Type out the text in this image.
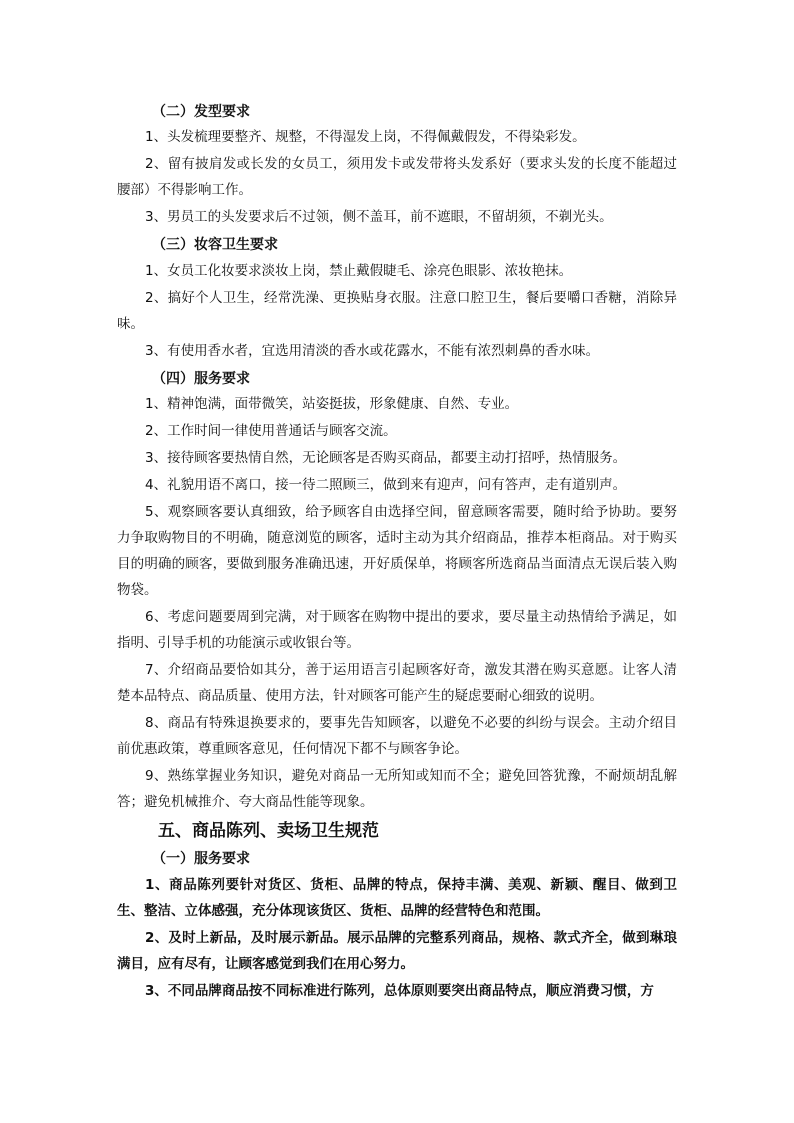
（二）发型要求

1、头发梳理要整齐、规整，不得湿发上岗，不得佩戴假发，不得染彩发。

2、留有披肩发或长发的女员工，须用发卡或发带将头发系好（要求头发的长度不能超过腰部）不得影响工作。

3、男员工的头发要求后不过领，侧不盖耳，前不遮眼，不留胡须，不剃光头。

（三）妆容卫生要求

1、女员工化妆要求淡妆上岗，禁止戴假睫毛、涂亮色眼影、浓妆艳抹。

2、搞好个人卫生，经常洗澡、更换贴身衣服。注意口腔卫生，餐后要嚼口香糖，消除异味。

3、有使用香水者，宜选用清淡的香水或花露水，不能有浓烈刺鼻的香水味。

（四）服务要求

1、精神饱满，面带微笑，站姿挺拔，形象健康、自然、专业。

2、工作时间一律使用普通话与顾客交流。

3、接待顾客要热情自然，无论顾客是否购买商品，都要主动打招呼，热情服务。

4、礼貌用语不离口，接一待二照顾三，做到来有迎声，问有答声，走有道别声。

5、观察顾客要认真细致，给予顾客自由选择空间，留意顾客需要，随时给予协助。要努力争取购物目的不明确，随意浏览的顾客，适时主动为其介绍商品，推荐本柜商品。对于购买目的明确的顾客，要做到服务准确迅速，开好质保单，将顾客所选商品当面清点无误后装入购物袋。

6、考虑问题要周到完满，对于顾客在购物中提出的要求，要尽量主动热情给予满足，如指明、引导手机的功能演示或收银台等。

7、介绍商品要恰如其分，善于运用语言引起顾客好奇，激发其潜在购买意愿。让客人清楚本品特点、商品质量、使用方法，针对顾客可能产生的疑虑要耐心细致的说明。

8、商品有特殊退换要求的，要事先告知顾客，以避免不必要的纠纷与误会。主动介绍目前优惠政策，尊重顾客意见，任何情况下都不与顾客争论。

9、熟练掌握业务知识，避免对商品一无所知或知而不全；避免回答犹豫，不耐烦胡乱解答；避免机械推介、夸大商品性能等现象。

五、商品陈列、卖场卫生规范
（一）服务要求

1、商品陈列要针对货区、货柜、品牌的特点，保持丰满、美观、新颖、醒目、做到卫生、整洁、立体感强，充分体现该货区、货柜、品牌的经营特色和范围。

2、及时上新品，及时展示新品。展示品牌的完整系列商品，规格、款式齐全，做到琳琅满目，应有尽有，让顾客感觉到我们在用心努力。

3、不同品牌商品按不同标准进行陈列，总体原则要突出商品特点，顺应消费习惯，方
